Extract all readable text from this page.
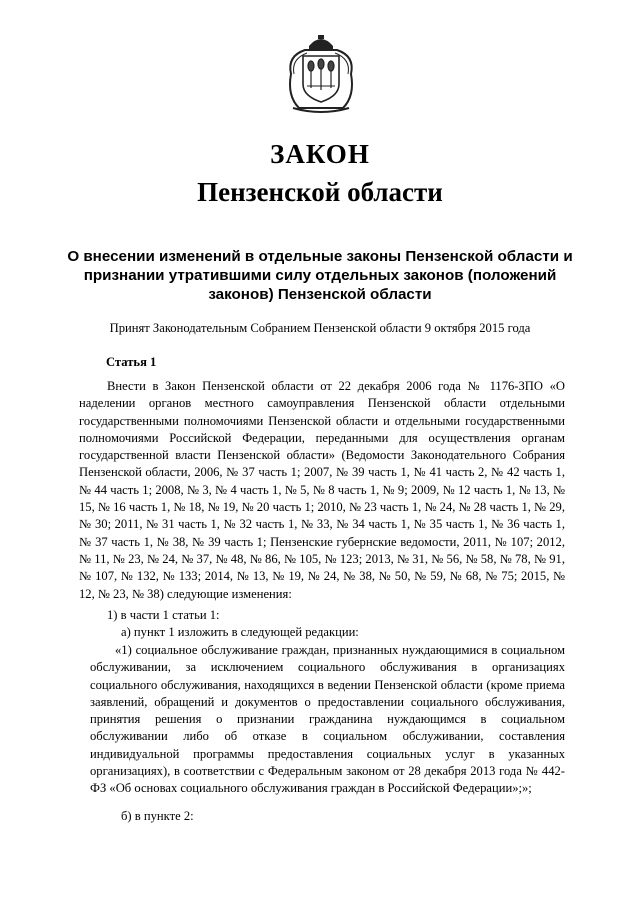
ЗАКОН
Пензенской области
О внесении изменений в отдельные законы Пензенской области и признании утратившими силу отдельных законов (положений законов) Пензенской области
Принят Законодательным Собранием Пензенской области 9 октября 2015 года
Статья 1
Внести в Закон Пензенской области от 22 декабря 2006 года № 1176-ЗПО «О наделении органов местного самоуправления Пензенской области отдельными государственными полномочиями Пензенской области и отдельными государственными полномочиями Российской Федерации, переданными для осуществления органам государственной власти Пензенской области» (Ведомости Законодательного Собрания Пензенской области, 2006, № 37 часть 1; 2007, № 39 часть 1, № 41 часть 2, № 42 часть 1, № 44 часть 1; 2008, № 3, № 4 часть 1, № 5, № 8 часть 1, № 9; 2009, № 12 часть 1, № 13, № 15, № 16 часть 1, № 18, № 19, № 20 часть 1; 2010, № 23 часть 1, № 24, № 28 часть 1, № 29, № 30; 2011, № 31 часть 1, № 32 часть 1, № 33, № 34 часть 1, № 35 часть 1, № 36 часть 1, № 37 часть 1, № 38, № 39 часть 1; Пензенские губернские ведомости, 2011, № 107; 2012, № 11, № 23, № 24, № 37, № 48, № 86, № 105, № 123; 2013, № 31, № 56, № 58, № 78, № 91, № 107, № 132, № 133; 2014, № 13, № 19, № 24, № 38, № 50, № 59, № 68, № 75; 2015, № 12, № 23, № 38) следующие изменения:
1) в части 1 статьи 1:
а) пункт 1 изложить в следующей редакции:
«1) социальное обслуживание граждан, признанных нуждающимися в социальном обслуживании, за исключением социального обслуживания в организациях социального обслуживания, находящихся в ведении Пензенской области (кроме приема заявлений, обращений и документов о предоставлении социального обслуживания, принятия решения о признании гражданина нуждающимся в социальном обслуживании либо об отказе в социальном обслуживании, составления индивидуальной программы предоставления социальных услуг в указанных организациях), в соответствии с Федеральным законом от 28 декабря 2013 года № 442-ФЗ «Об основах социального обслуживания граждан в Российской Федерации»;»;
б) в пункте 2:
